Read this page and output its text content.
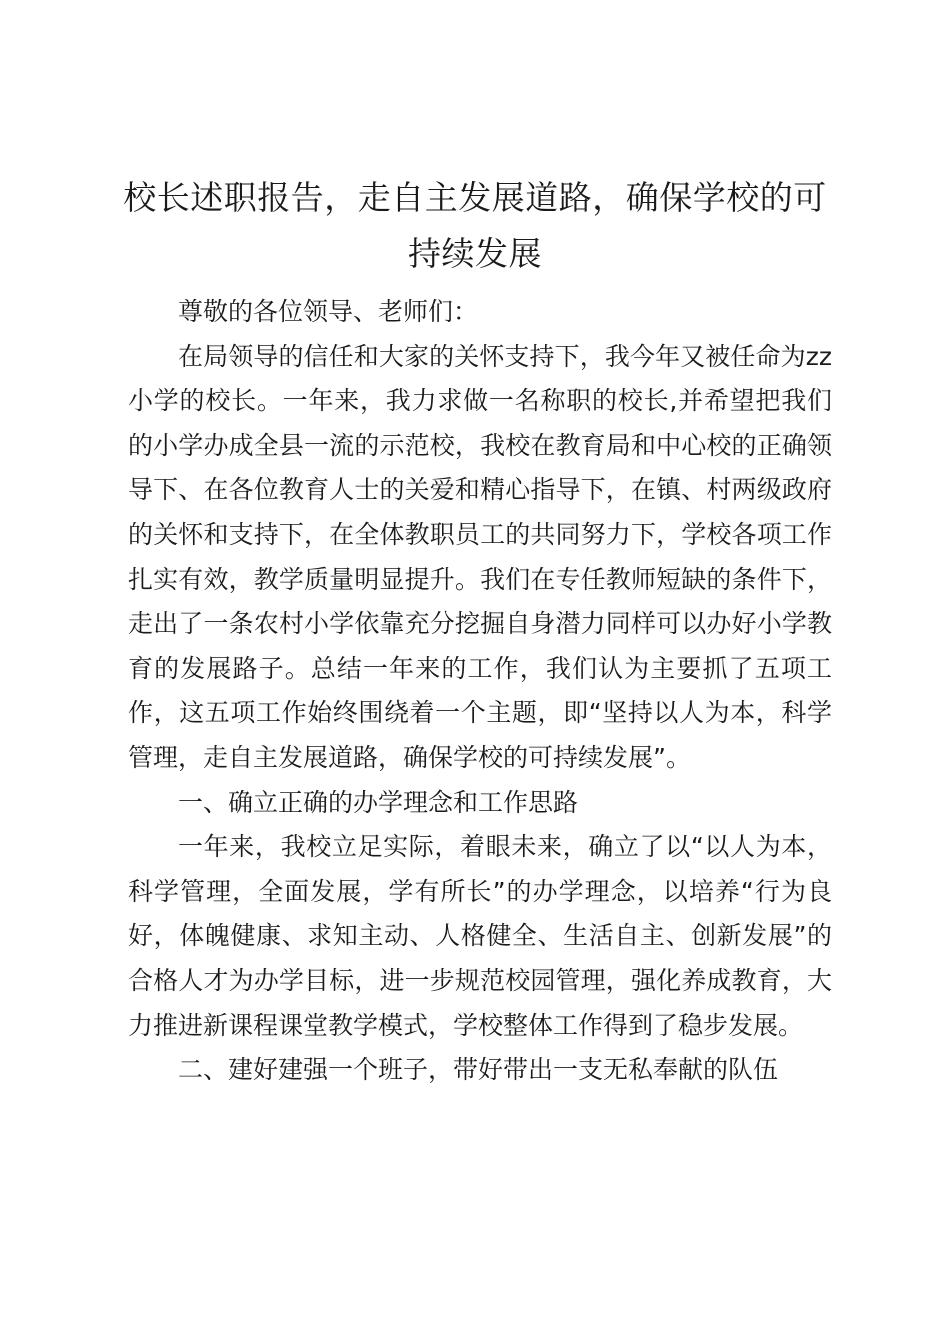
校长述职报告，走自主发展道路，确保学校的可持续发展

尊敬的各位领导、老师们：

在局领导的信任和大家的关怀支持下，我今年又被任命为zz小学的校长。一年来，我力求做一名称职的校长,并希望把我们的小学办成全县一流的示范校，我校在教育局和中心校的正确领导下、在各位教育人士的关爱和精心指导下，在镇、村两级政府的关怀和支持下，在全体教职员工的共同努力下，学校各项工作扎实有效，教学质量明显提升。我们在专任教师短缺的条件下，走出了一条农村小学依靠充分挖掘自身潜力同样可以办好小学教育的发展路子。总结一年来的工作，我们认为主要抓了五项工作，这五项工作始终围绕着一个主题，即“坚持以人为本，科学管理，走自主发展道路，确保学校的可持续发展”。

一、确立正确的办学理念和工作思路

一年来，我校立足实际，着眼未来，确立了以“以人为本，科学管理，全面发展，学有所长”的办学理念，以培养“行为良好，体魄健康、求知主动、人格健全、生活自主、创新发展”的合格人才为办学目标，进一步规范校园管理，强化养成教育，大力推进新课程课堂教学模式，学校整体工作得到了稳步发展。

二、建好建强一个班子，带好带出一支无私奉献的队伍
